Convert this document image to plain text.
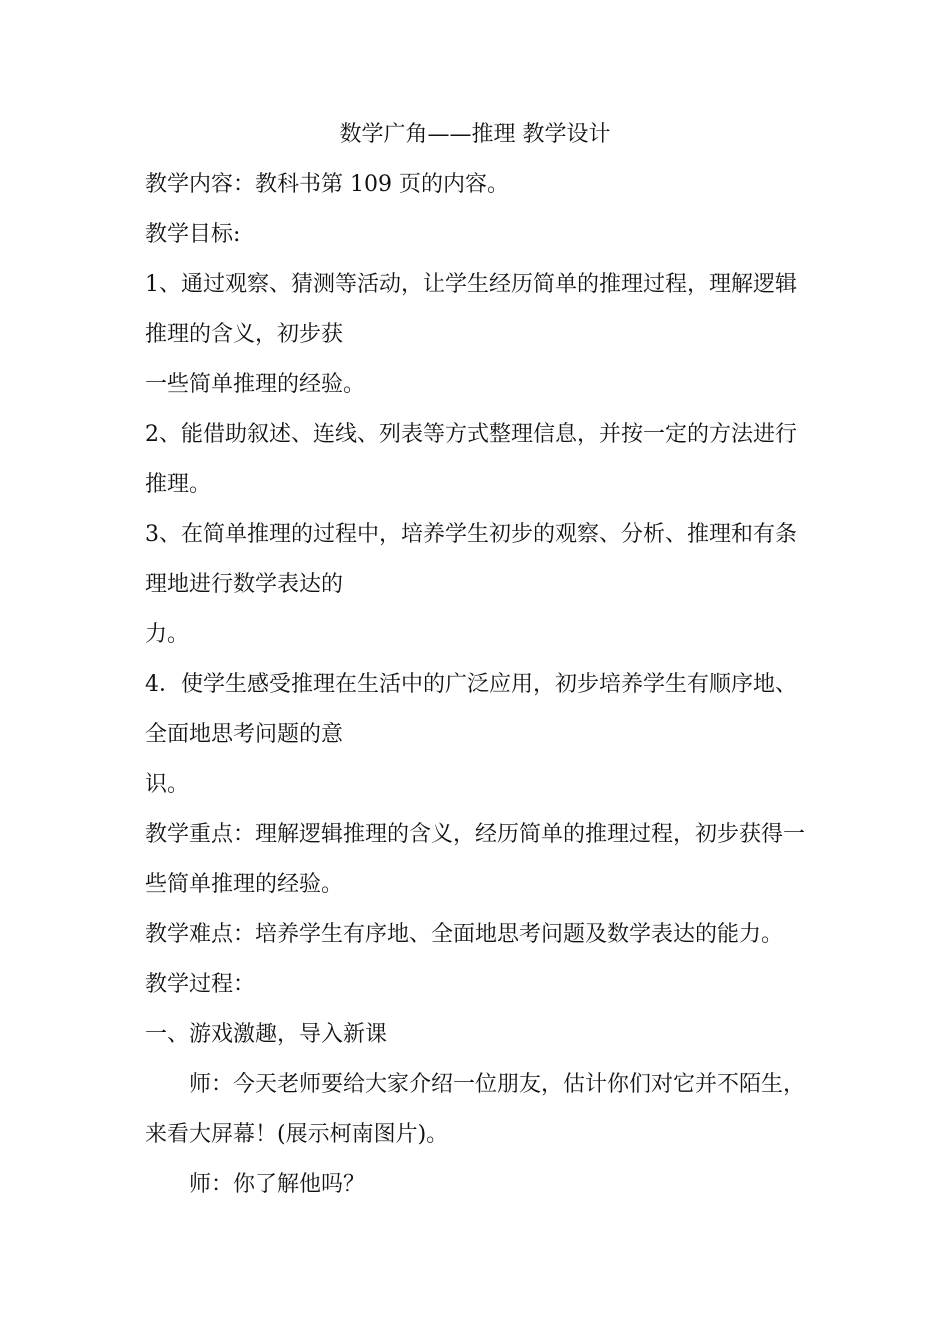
数学广角——推理 教学设计
教学内容：教科书第 109 页的内容。
教学目标:
1、通过观察、猜测等活动，让学生经历简单的推理过程，理解逻辑
推理的含义，初步获
一些简单推理的经验。
2、能借助叙述、连线、列表等方式整理信息，并按一定的方法进行
推理。
3、在简单推理的过程中，培养学生初步的观察、分析、推理和有条
理地进行数学表达的
力。
4．使学生感受推理在生活中的广泛应用，初步培养学生有顺序地、
全面地思考问题的意
识。
教学重点：理解逻辑推理的含义，经历简单的推理过程，初步获得一
些简单推理的经验。
教学难点：培养学生有序地、全面地思考问题及数学表达的能力。
教学过程：
一、游戏激趣，导入新课
师：今天老师要给大家介绍一位朋友，估计你们对它并不陌生，
来看大屏幕！(展示柯南图片)。
师：你了解他吗？
